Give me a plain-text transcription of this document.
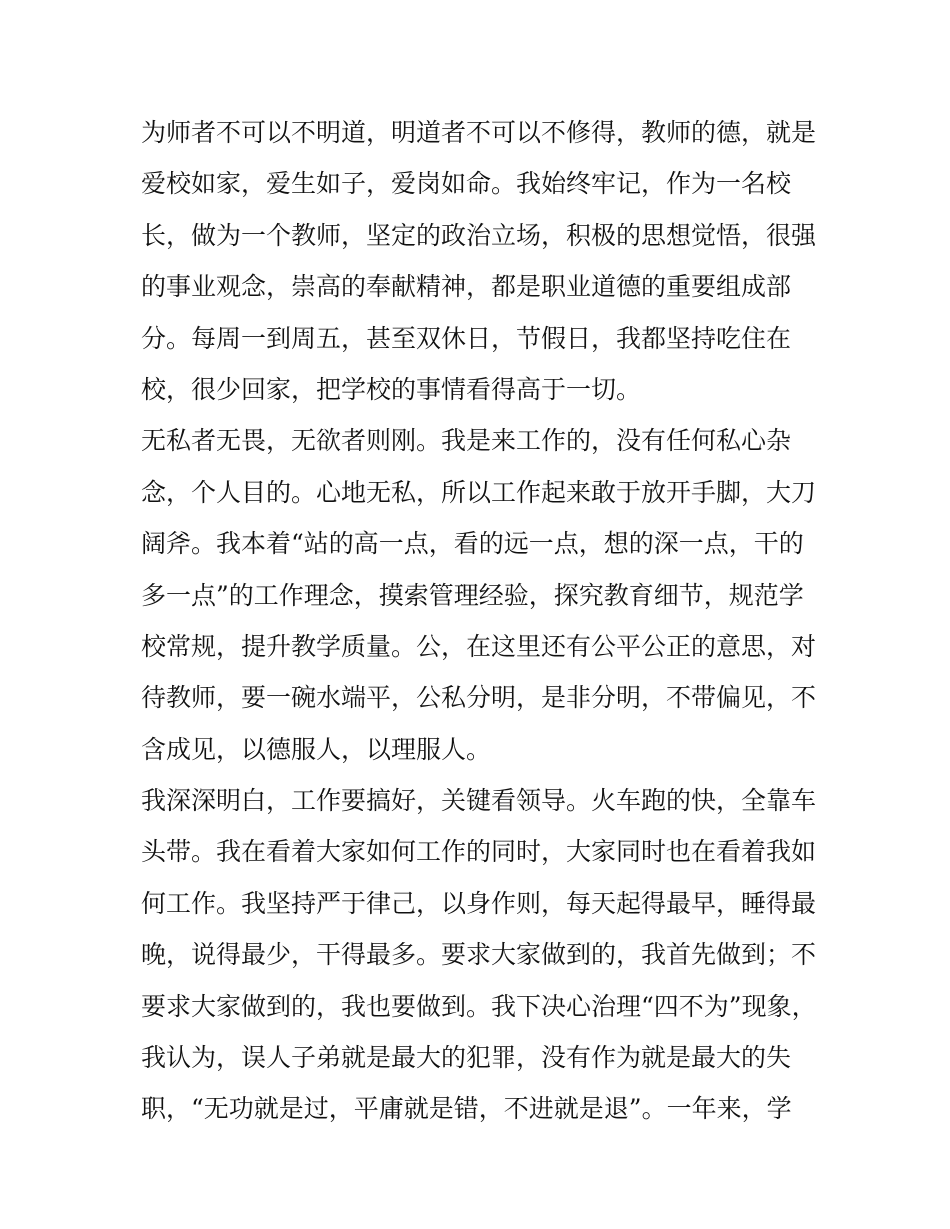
为师者不可以不明道，明道者不可以不修得，教师的德，就是
爱校如家，爱生如子，爱岗如命。我始终牢记，作为一名校
长，做为一个教师，坚定的政治立场，积极的思想觉悟，很强
的事业观念，崇高的奉献精神，都是职业道德的重要组成部
分。每周一到周五，甚至双休日，节假日，我都坚持吃住在
校，很少回家，把学校的事情看得高于一切。
无私者无畏，无欲者则刚。我是来工作的，没有任何私心杂
念，个人目的。心地无私，所以工作起来敢于放开手脚，大刀
阔斧。我本着“站的高一点，看的远一点，想的深一点，干的
多一点”的工作理念，摸索管理经验，探究教育细节，规范学
校常规，提升教学质量。公，在这里还有公平公正的意思，对
待教师，要一碗水端平，公私分明，是非分明，不带偏见，不
含成见，以德服人，以理服人。
我深深明白，工作要搞好，关键看领导。火车跑的快，全靠车
头带。我在看着大家如何工作的同时，大家同时也在看着我如
何工作。我坚持严于律己，以身作则，每天起得最早，睡得最
晚，说得最少，干得最多。要求大家做到的，我首先做到；不
要求大家做到的，我也要做到。我下决心治理“四不为”现象，
我认为，误人子弟就是最大的犯罪，没有作为就是最大的失
职，“无功就是过，平庸就是错，不进就是退”。一年来，学
